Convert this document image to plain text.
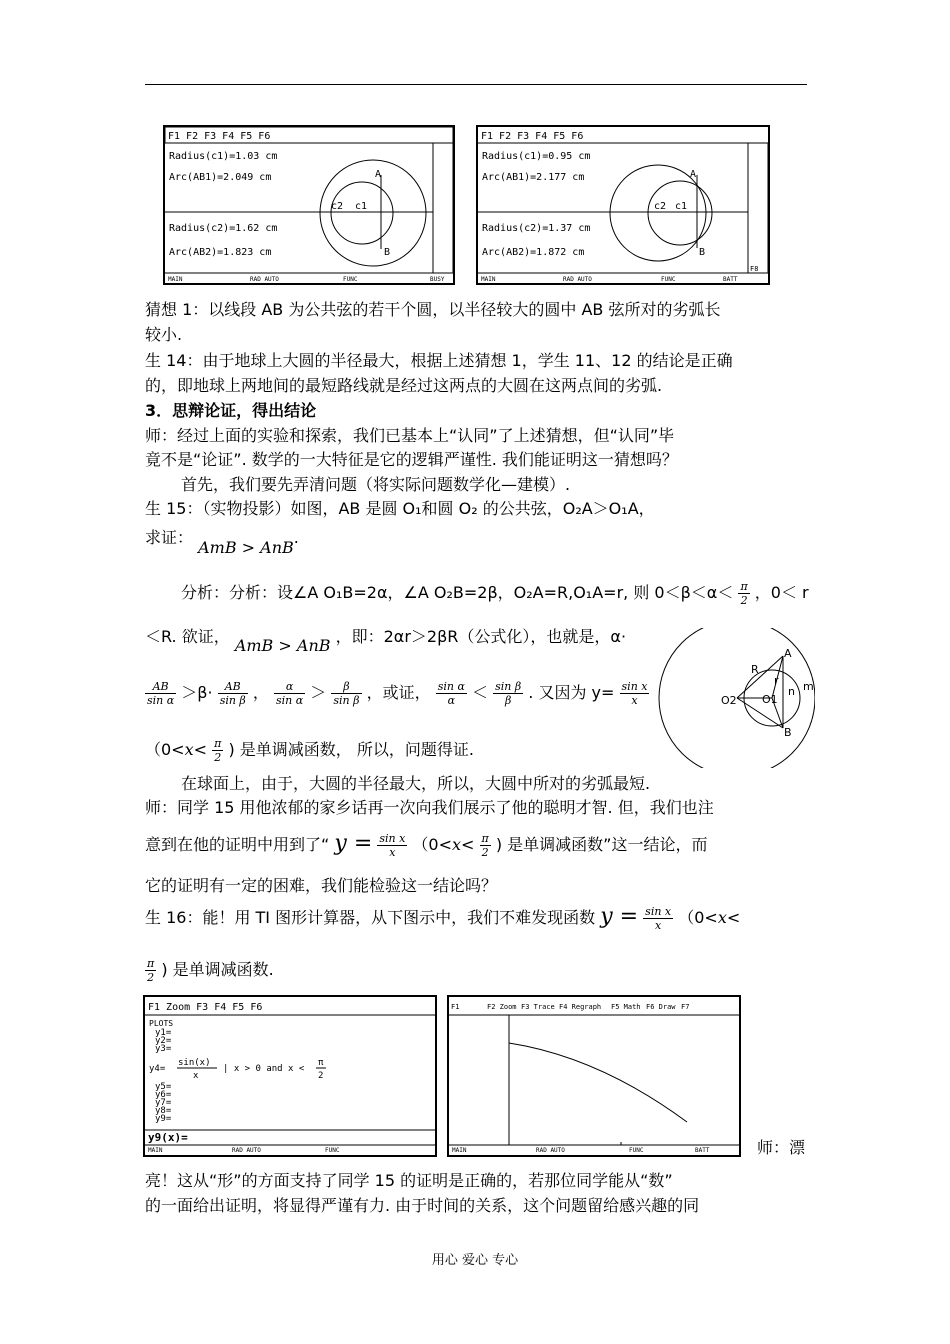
F1 F2 F3 F4 F5 F6
Radius(c1)=1.03 cm
Arc(AB1)=2.049 cm
Radius(c2)=1.62 cm
Arc(AB2)=1.823 cm
A
B
c2 c1
MAIN	RAD AUTO	FUNC	BUSY
F1 F2 F3 F4 F5 F6
Radius(c1)=0.95 cm
Arc(AB1)=2.177 cm
Radius(c2)=1.37 cm
Arc(AB2)=1.872 cm
A
B
c2 c1
F8
MAIN	RAD AUTO	FUNC	BATT
猜想 1：以线段 AB 为公共弦的若干个圆，以半径较大的圆中 AB 弦所对的劣弧长
较小.
生 14：由于地球上大圆的半径最大，根据上述猜想 1，学生 11、12 的结论是正确
的，即地球上两地间的最短路线就是经过这两点的大圆在这两点间的劣弧.
3．思辩论证，得出结论
师：经过上面的实验和探索，我们已基本上“认同”了上述猜想，但“认同”毕
竟不是“论证”. 数学的一大特征是它的逻辑严谨性. 我们能证明这一猜想吗？
首先，我们要先弄清问题（将实际问题数学化—建模）.
生 15：（实物投影）如图，AB 是圆 O₁和圆 O₂ 的公共弦，O₂A＞O₁A，
求证： AmB > AnB.
分析：分析：设∠A O₁B=2α，∠A O₂B=2β，O₂A=R,O₁A=r, 则 $0<\beta<\alpha< \frac{\pi}{2}$ ，0＜ r
＜R. 欲证， AmB > AnB ，即：2αr＞2βR（公式化），也就是，α·
$\frac{AB}{\text{sin α}} >\beta\cdot \frac{AB}{\text{sin β}}$ ， $\frac{\alpha}{\text{sin α}} > \frac{\beta}{\text{sin β}}$ ，或证， $\frac{\text{sin α}}{\alpha} < \frac{\text{sin β}}{\beta}$ . 又因为 $y= \frac{\text{sin x}}{x}$
（$0<x< \frac{\pi}{2}$ ) 是单调减函数， 所以，问题得证.
A
B
O2 O1
R
r
n m
在球面上，由于，大圆的半径最大，所以，大圆中所对的劣弧最短.
师：同学 15 用他浓郁的家乡话再一次向我们展示了他的聪明才智. 但，我们也注
意到在他的证明中用到了“ $y = \frac{\text{sin x}}{x} (0<x< \frac{\pi}{2}$ ) 是单调减函数”这一结论，而
它的证明有一定的困难，我们能检验这一结论吗？
生 16：能！用 TI 图形计算器，从下图示中，我们不难发现函数 $y = \frac{\text{sin x}}{x} (0<x<$
$\frac{\pi}{2}$ ) 是单调减函数.
F1 Zoom F3 F4 F5 F6
PLOTS
y1=
y2=
y3=
y4=
sin(x)
x
| x > 0 and x <
π
2
y5=
y6=
y7=
y8=
y9=
y9(x)=
MAIN	RAD AUTO	FUNC
F1	F2 Zoom F3 Trace F4 Regraph F5 Math F6 Draw F7
MAIN	RAD AUTO	FUNC	BATT	师：漂
亮！这从“形”的方面支持了同学 15 的证明是正确的，若那位同学能从“数”
的一面给出证明，将显得严谨有力. 由于时间的关系，这个问题留给感兴趣的同
用心 爱心 专心
